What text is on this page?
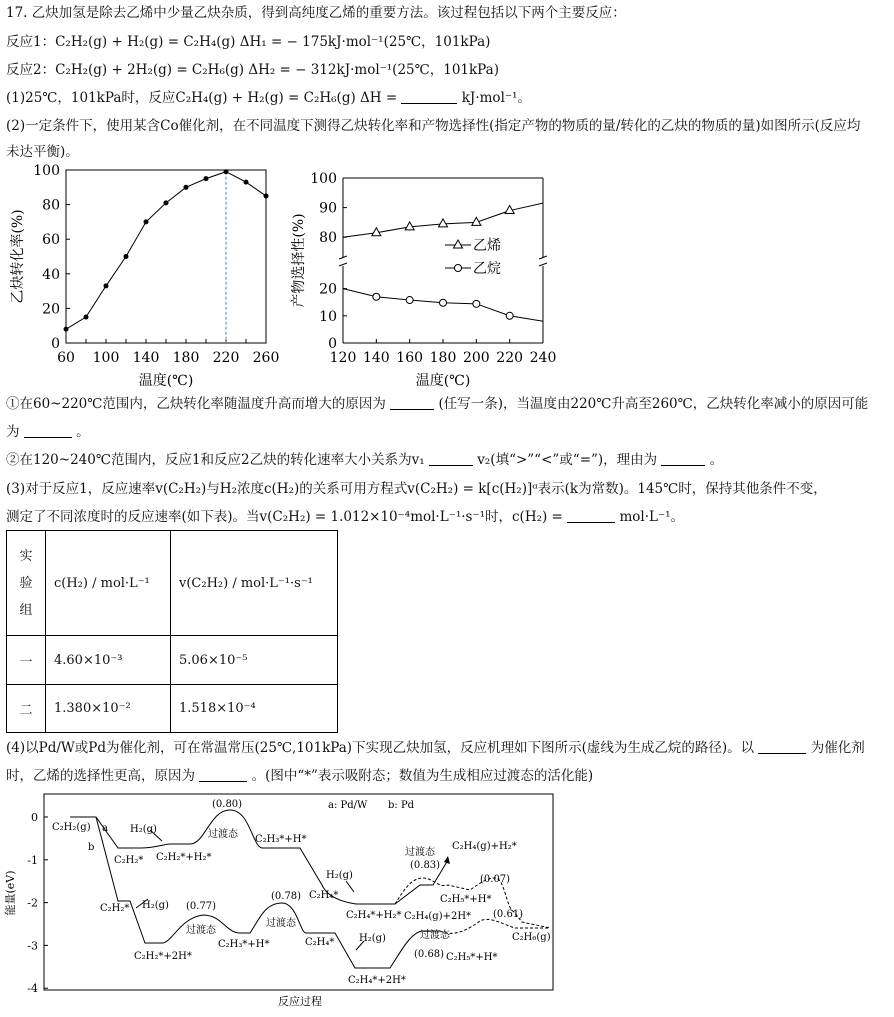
17. 乙炔加氢是除去乙烯中少量乙炔杂质，得到高纯度乙烯的重要方法。该过程包括以下两个主要反应：
反应1：C₂H₂(g) + H₂(g) = C₂H₄(g) ΔH₁ = − 175kJ·mol⁻¹(25℃，101kPa)
反应2：C₂H₂(g) + 2H₂(g) = C₂H₆(g) ΔH₂ = − 312kJ·mol⁻¹(25℃，101kPa)
(1)25℃，101kPa时，反应C₂H₄(g) + H₂(g) = C₂H₆(g) ΔH =	kJ·mol⁻¹。
(2)一定条件下，使用某含Co催化剂，在不同温度下测得乙炔转化率和产物选择性(指定产物的物质的量/转化的乙炔的物质的量)如图所示(反应均
未达平衡)。
0
20
40
60
80
100
60 100 140 180 220 260
温度(℃)
乙炔转化率(%)	80
90
100
0
10
20
120 140 160 180 200 220 240
乙烯
乙烷
温度(℃)
产物选择性(%)
①在60~220℃范围内，乙炔转化率随温度升高而增大的原因为	(任写一条)，当温度由220℃升高至260℃，乙炔转化率减小的原因可能
为	。
②在120~240℃范围内，反应1和反应2乙炔的转化速率大小关系为v₁	v₂(填“>”“<”或“=”)，理由为	。
(3)对于反应1，反应速率v(C₂H₂)与H₂浓度c(H₂)的关系可用方程式v(C₂H₂) = k[c(H₂)]ᵅ表示(k为常数)。145℃时，保持其他条件不变，
测定了不同浓度时的反应速率(如下表)。当v(C₂H₂) = 1.012×10⁻⁴mol·L⁻¹·s⁻¹时，c(H₂) =	mol·L⁻¹。
实
验
组	c(H₂) / mol·L⁻¹	v(C₂H₂) / mol·L⁻¹·s⁻¹
一	4.60×10⁻³	5.06×10⁻⁵
二	1.380×10⁻²	1.518×10⁻⁴
(4)以Pd/W或Pd为催化剂，可在常温常压(25℃,101kPa)下实现乙炔加氢，反应机理如下图所示(虚线为生成乙烷的路径)。以	为催化剂
时，乙烯的选择性更高，原因为	。(图中“*”表示吸附态；数值为生成相应过渡态的活化能)
0
-1
-2
-3
-4
能量(eV)
反应过程
a: Pd/W b: Pd
C₂H₂(g) a
b
H₂(g)
C₂H₂* C₂H₂*+H₂*
(0.80)
过渡态 C₂H₃*+H*
H₂(g)
C₂H₄*
C₂H₄*+H₂* C₂H₄(g)+2H*
过渡态
(0.83)
C₂H₄(g)+H₂*
(0.07)
C₂H₅*+H*
(0.61)
C₂H₆(g)
H₂(g)
C₂H₂*	(0.77)
过渡态
C₂H₂*+2H*
C₂H₃*+H*
(0.78)
过渡态
C₂H₄* H₂(g)
C₂H₄*+2H*
过渡态
(0.68) C₂H₅*+H*
